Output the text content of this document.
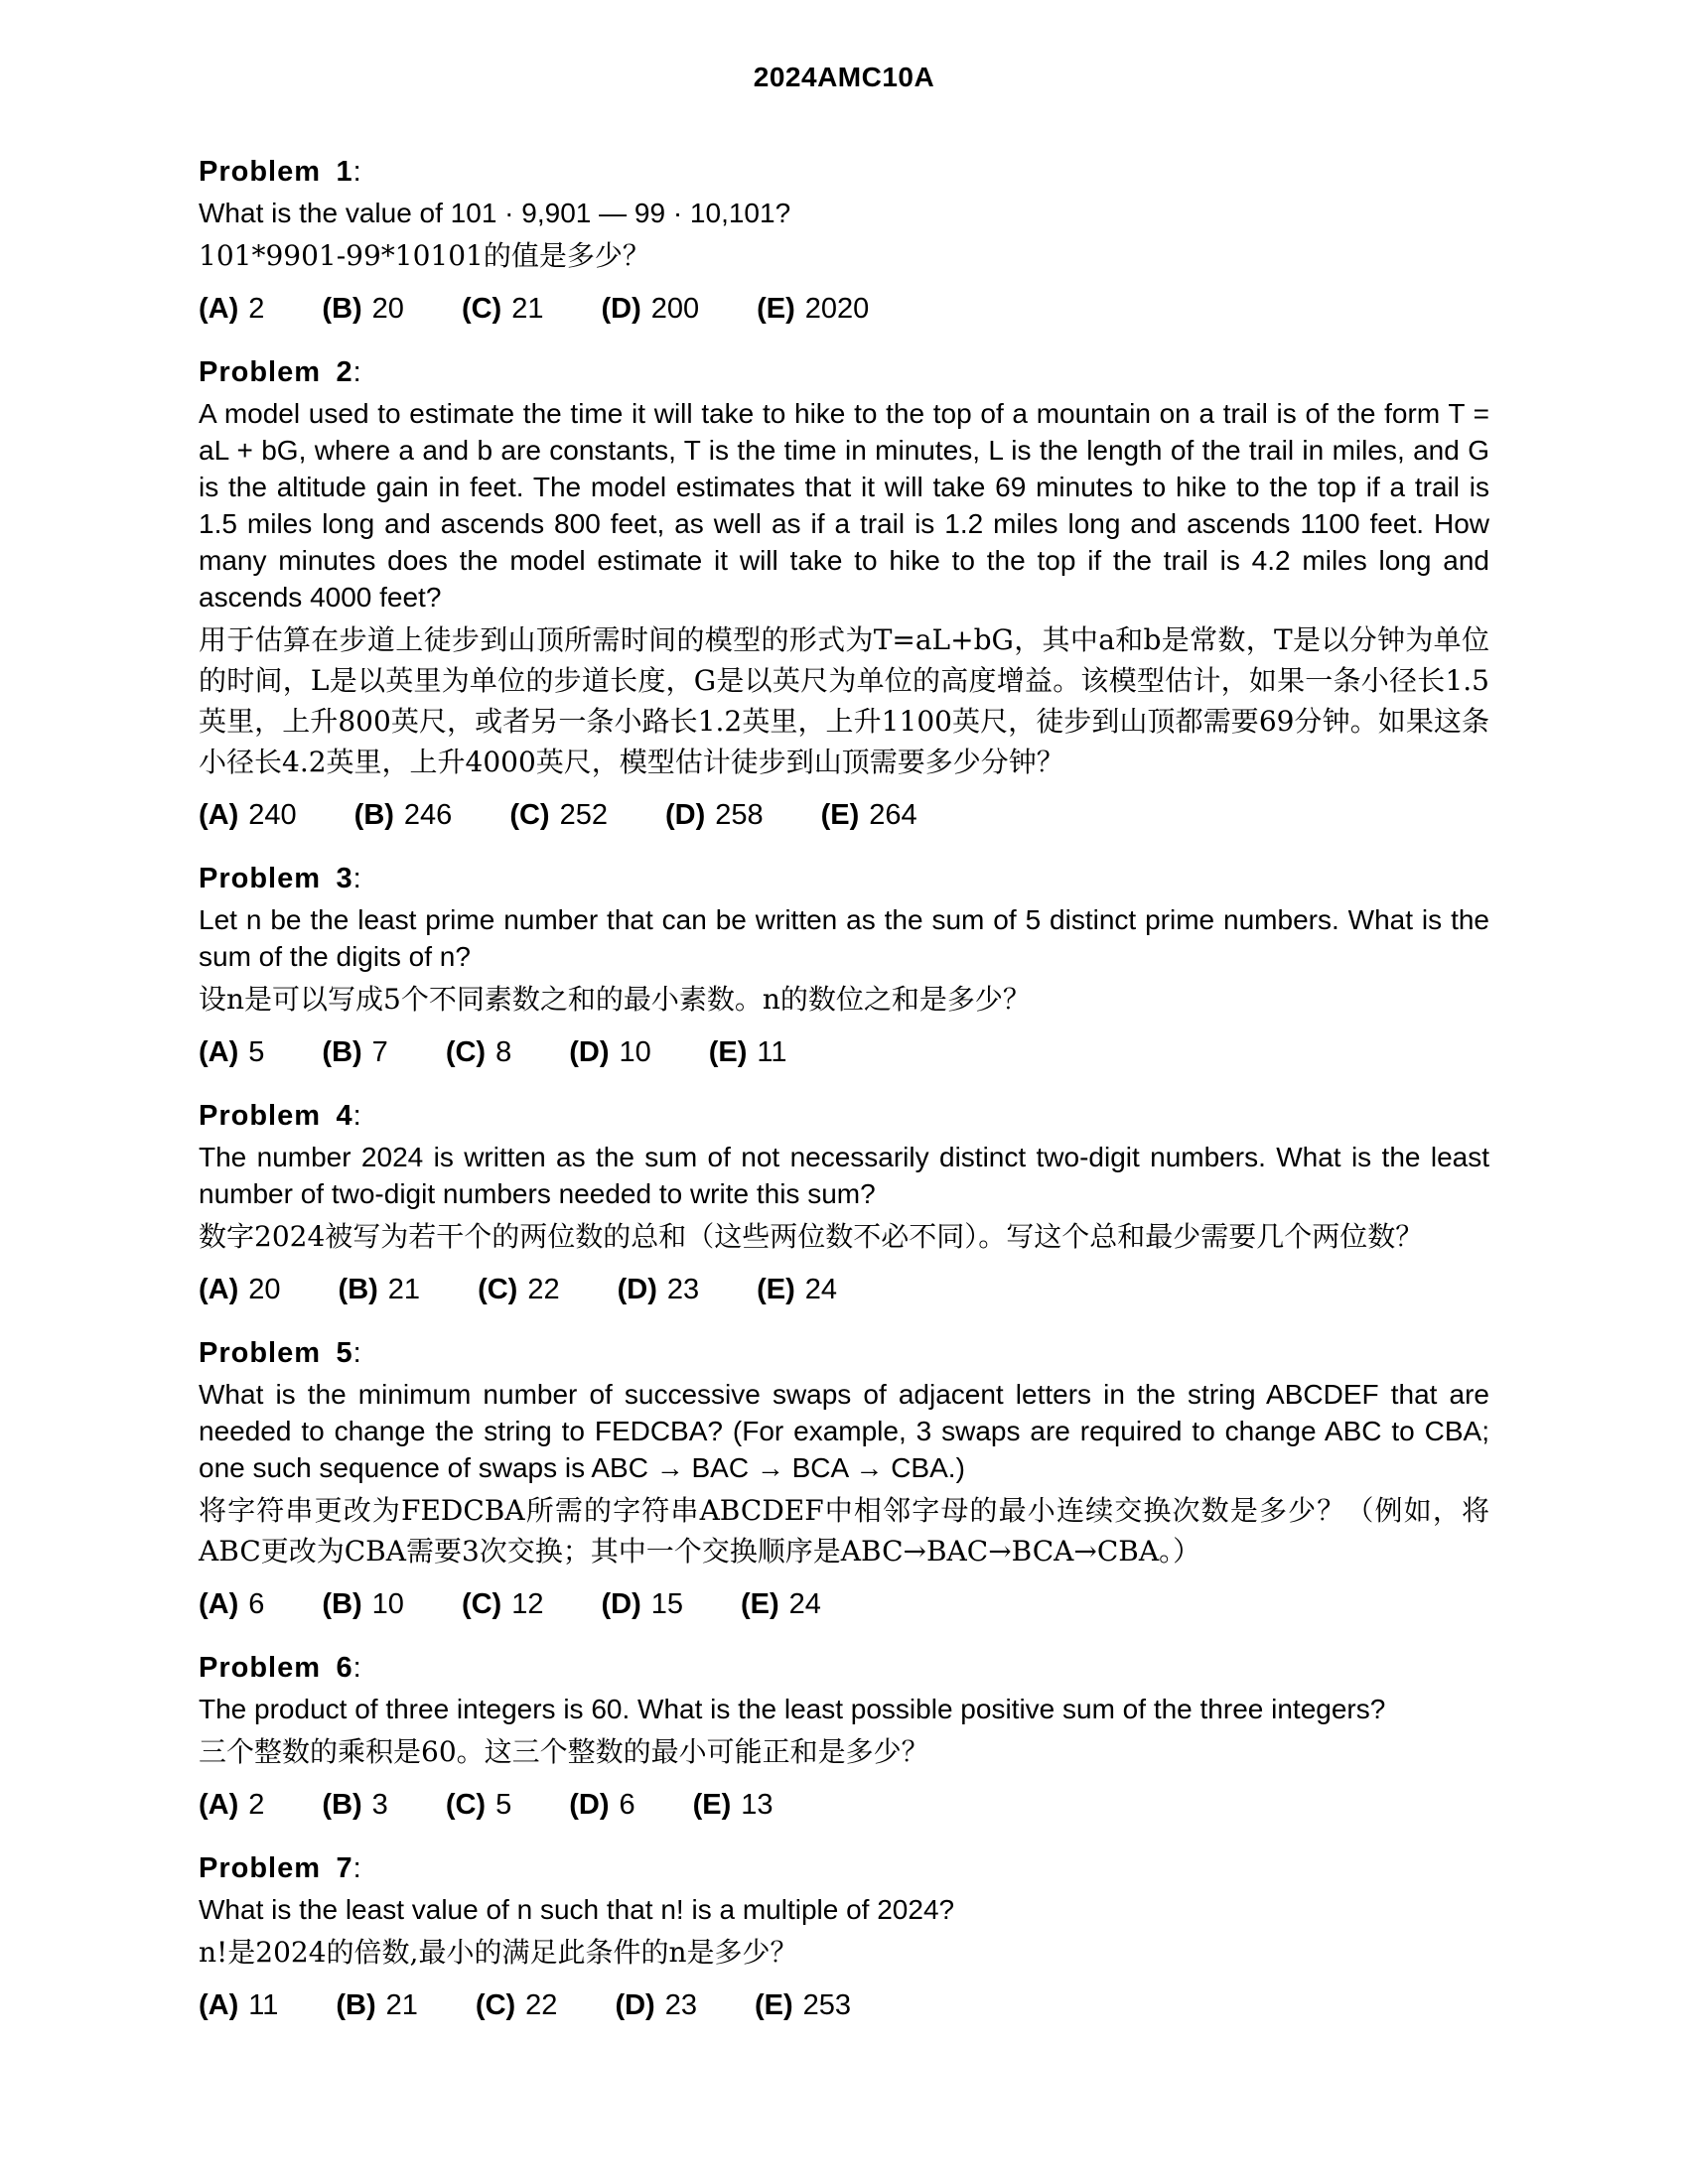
2024AMC10A
Problem  1:
What is the value of 101 · 9,901 — 99 · 10,101?
101*9901-99*10101的值是多少？
(A) 2 (B) 20 (C) 21 (D) 200 (E) 2020
Problem  2:
A model used to estimate the time it will take to hike to the top of a mountain on a trail is of the form T = aL + bG, where a and b are constants, T is the time in minutes, L is the length of the trail in miles, and G is the altitude gain in feet. The model estimates that it will take 69 minutes to hike to the top if a trail is 1.5 miles long and ascends 800 feet, as well as if a trail is 1.2 miles long and ascends 1100 feet. How many minutes does the model estimate it will take to hike to the top if the trail is 4.2 miles long and ascends 4000 feet?
用于估算在步道上徒步到山顶所需时间的模型的形式为T=aL+bG，其中a和b是常数，T是以分钟为单位的时间，L是以英里为单位的步道长度，G是以英尺为单位的高度增益。该模型估计，如果一条小径长1.5英里，上升800英尺，或者另一条小路长1.2英里，上升1100英尺，徒步到山顶都需要69分钟。如果这条小径长4.2英里，上升4000英尺，模型估计徒步到山顶需要多少分钟？
(A) 240 (B) 246 (C) 252 (D) 258 (E) 264
Problem  3:
Let n be the least prime number that can be written as the sum of 5 distinct prime numbers. What is the sum of the digits of n?
设n是可以写成5个不同素数之和的最小素数。n的数位之和是多少？
(A) 5 (B) 7 (C) 8 (D) 10 (E) 11
Problem  4:
The number 2024 is written as the sum of not necessarily distinct two-digit numbers. What is the least number of two-digit numbers needed to write this sum?
数字2024被写为若干个的两位数的总和（这些两位数不必不同）。写这个总和最少需要几个两位数？
(A) 20 (B) 21 (C) 22 (D) 23 (E) 24
Problem  5:
What is the minimum number of successive swaps of adjacent letters in the string ABCDEF that are needed to change the string to FEDCBA? (For example, 3 swaps are required to change ABC to CBA; one such sequence of swaps is ABC → BAC → BCA → CBA.)
将字符串更改为FEDCBA所需的字符串ABCDEF中相邻字母的最小连续交换次数是多少？（例如，将ABC更改为CBA需要3次交换；其中一个交换顺序是ABC→BAC→BCA→CBA。）
(A) 6 (B) 10 (C) 12 (D) 15 (E) 24
Problem  6:
The product of three integers is 60. What is the least possible positive sum of the three integers?
三个整数的乘积是60。这三个整数的最小可能正和是多少？
(A) 2 (B) 3 (C) 5 (D) 6 (E) 13
Problem  7:
What is the least value of n such that n! is a multiple of 2024?
n!是2024的倍数,最小的满足此条件的n是多少？
(A) 11 (B) 21 (C) 22 (D) 23 (E) 253
